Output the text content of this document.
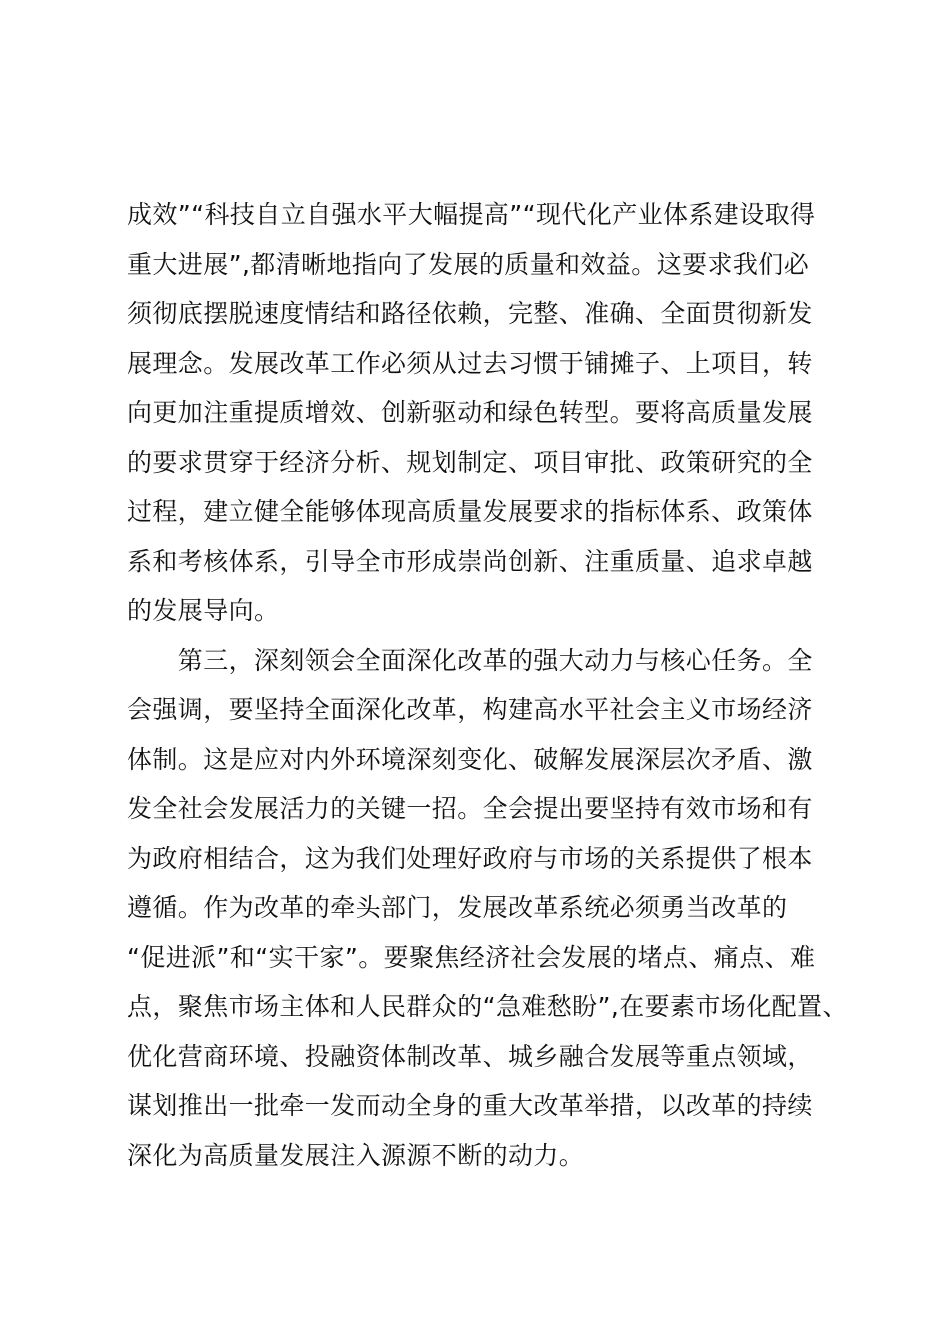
成效”“科技自立自强水平大幅提高”“现代化产业体系建设取得
重大进展”,都清晰地指向了发展的质量和效益。这要求我们必
须彻底摆脱速度情结和路径依赖，完整、准确、全面贯彻新发
展理念。发展改革工作必须从过去习惯于铺摊子、上项目，转
向更加注重提质增效、创新驱动和绿色转型。要将高质量发展
的要求贯穿于经济分析、规划制定、项目审批、政策研究的全
过程，建立健全能够体现高质量发展要求的指标体系、政策体
系和考核体系，引导全市形成崇尚创新、注重质量、追求卓越
的发展导向。
　　第三，深刻领会全面深化改革的强大动力与核心任务。全
会强调，要坚持全面深化改革，构建高水平社会主义市场经济
体制。这是应对内外环境深刻变化、破解发展深层次矛盾、激
发全社会发展活力的关键一招。全会提出要坚持有效市场和有
为政府相结合，这为我们处理好政府与市场的关系提供了根本
遵循。作为改革的牵头部门，发展改革系统必须勇当改革的
“促进派”和“实干家”。要聚焦经济社会发展的堵点、痛点、难
点，聚焦市场主体和人民群众的“急难愁盼”,在要素市场化配置、
优化营商环境、投融资体制改革、城乡融合发展等重点领域，
谋划推出一批牵一发而动全身的重大改革举措，以改革的持续
深化为高质量发展注入源源不断的动力。
